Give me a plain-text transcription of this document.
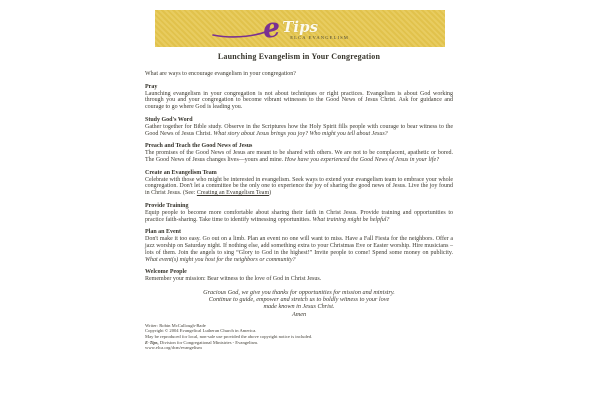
e Tips
ELCA EVANGELISM
Launching Evangelism in Your Congregation

What are ways to encourage evangelism in your congregation?

Pray

Launching evangelism in your congregation is not about techniques or right practices. Evangelism is about God working through you and your congregation to become vibrant witnesses to the Good News of Jesus Christ. Ask for guidance and courage to go where God is leading you.

Study God's Word

Gather together for Bible study. Observe in the Scriptures how the Holy Spirit fills people with courage to bear witness to the Good News of Jesus Christ. What story about Jesus brings you joy? Who might you tell about Jesus?

Preach and Teach the Good News of Jesus

The promises of the Good News of Jesus are meant to be shared with others. We are not to be complacent, apathetic or bored. The Good News of Jesus changes lives—yours and mine. How have you experienced the Good News of Jesus in your life?

Create an Evangelism Team

Celebrate with those who might be interested in evangelism. Seek ways to extend your evangelism team to embrace your whole congregation. Don't let a committee be the only one to experience the joy of sharing the good news of Jesus. Live the joy found in Christ Jesus. (See: Creating an Evangelism Team)

Provide Training

Equip people to become more comfortable about sharing their faith in Christ Jesus. Provide training and opportunities to practice faith-sharing. Take time to identify witnessing opportunities. What training might be helpful?

Plan an Event

Don't make it too easy. Go out on a limb. Plan an event no one will want to miss. Have a Fall Fiesta for the neighbors. Offer a jazz worship on Saturday night. If nothing else, add something extra to your Christmas Eve or Easter worship. Hire musicians – lots of them. Join the angels to sing “Glory to God in the highest!” Invite people to come! Spend some money on publicity. What event(s) might you host for the neighbors or community?

Welcome People

Remember your mission: Bear witness to the love of God in Christ Jesus.

Gracious God, we give you thanks for opportunities for mission and ministry.
Continue to guide, empower and stretch us to boldly witness to your love
made known in Jesus Christ.
Amen
Writer: Robin McCullough-Bade
Copyright © 2004 Evangelical Lutheran Church in America.
May be reproduced for local, non-sale use provided the above copyright notice is included.
E-Tips, Division for Congregational Ministries - Evangelism.
www.elca.org/dcm/evangelism
